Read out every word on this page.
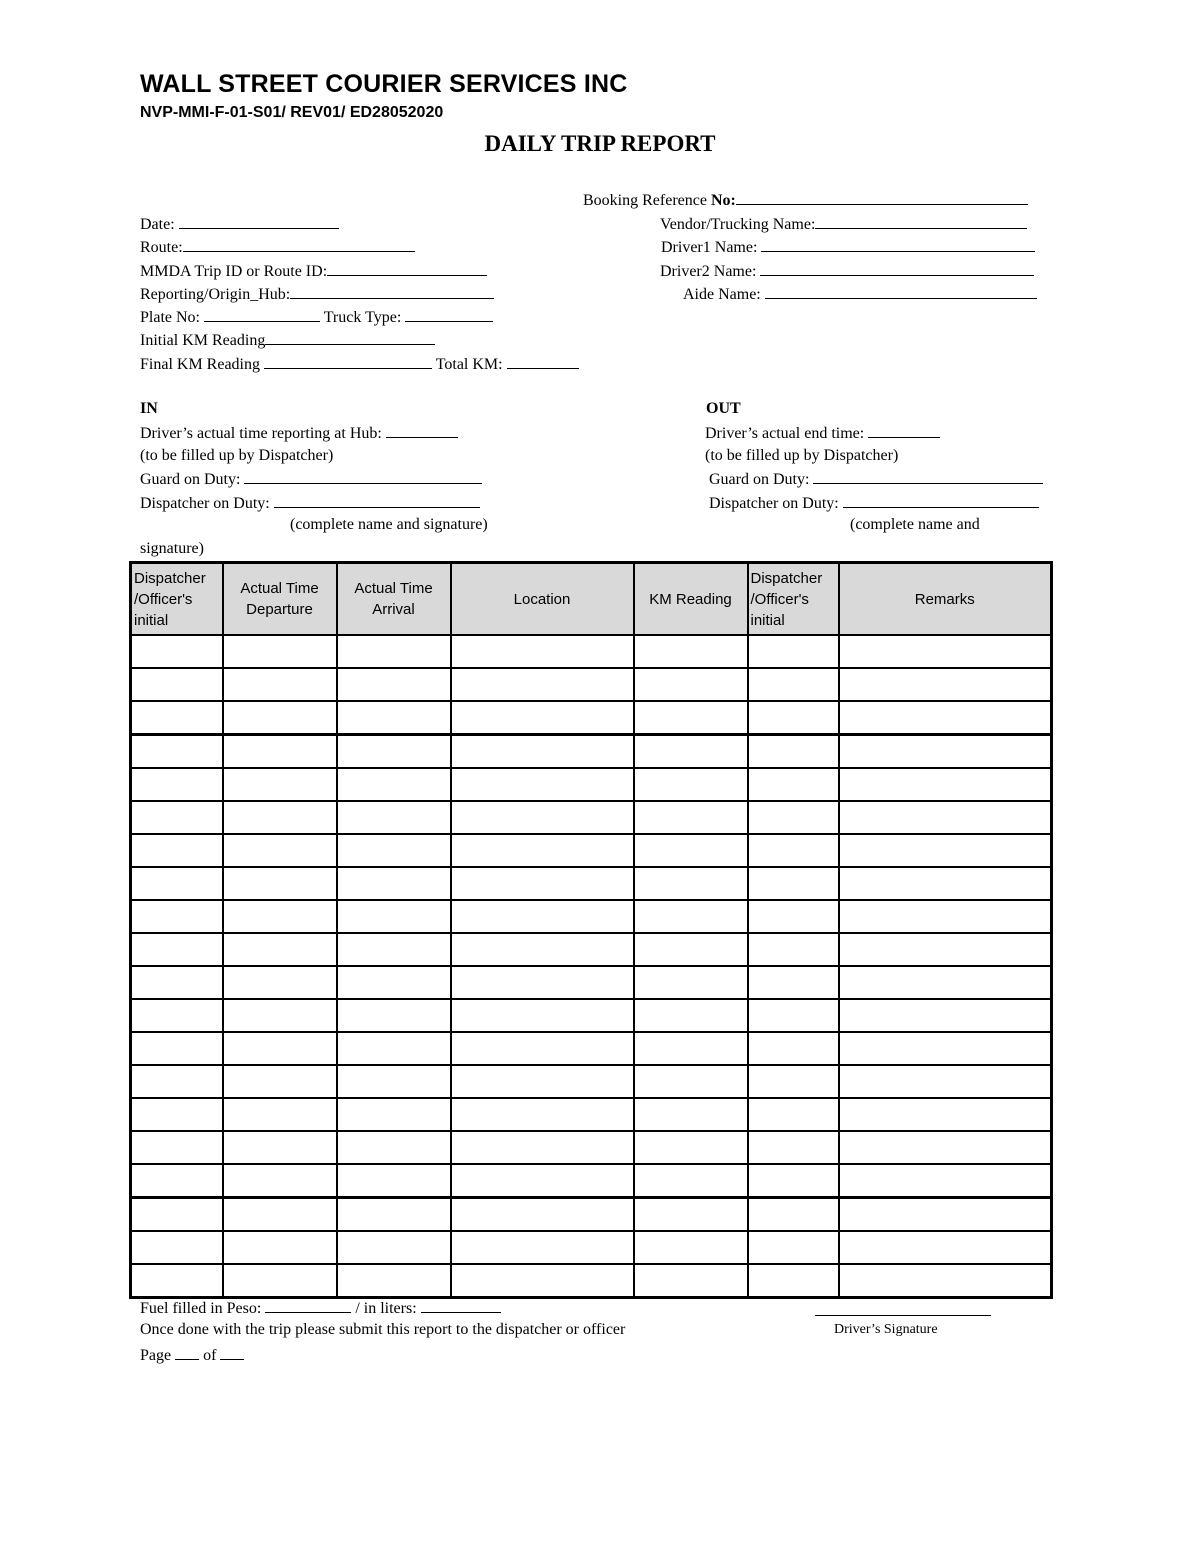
WALL STREET COURIER SERVICES INC
NVP-MMI-F-01-S01/ REV01/ ED28052020
DAILY TRIP REPORT
Booking Reference No:
Vendor/Trucking Name:
Driver1 Name:
Driver2 Name:
Aide Name:
Date:
Route:
MMDA Trip ID or Route ID:
Reporting/Origin_Hub:
Plate No:	Truck Type:
Initial KM Reading
Final KM Reading	Total KM:
IN
Driver’s actual time reporting at Hub:
(to be filled up by Dispatcher)
Guard on Duty:
Dispatcher on Duty:
(complete name and signature)
OUT
Driver’s actual end time:
(to be filled up by Dispatcher)
Guard on Duty:
Dispatcher on Duty:
(complete name and
signature)
Dispatcher /Officer's initial	Actual Time Departure	Actual Time Arrival	Location	KM Reading	Dispatcher /Officer's initial	Remarks

Fuel filled in Peso:	/ in liters:
Once done with the trip please submit this report to the dispatcher or officer
Page of
Driver’s Signature
